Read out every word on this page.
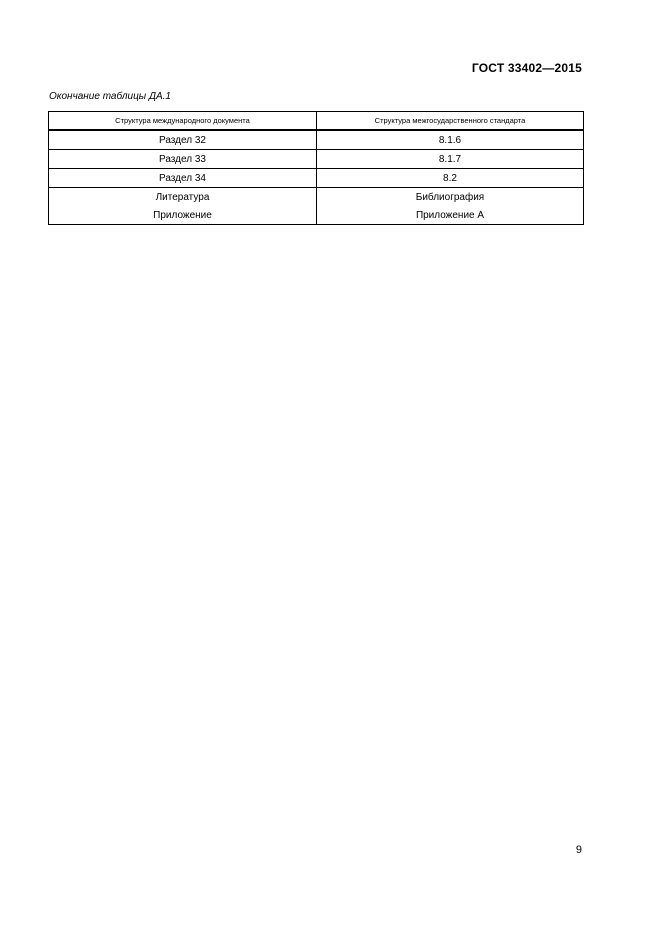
ГОСТ 33402—2015
Окончание таблицы ДА.1
Структура международного документа	Структура межгосударственного стандарта
Раздел 32	8.1.6
Раздел 33	8.1.7
Раздел 34	8.2
Литература	Библиография
Приложение	Приложение А
9
